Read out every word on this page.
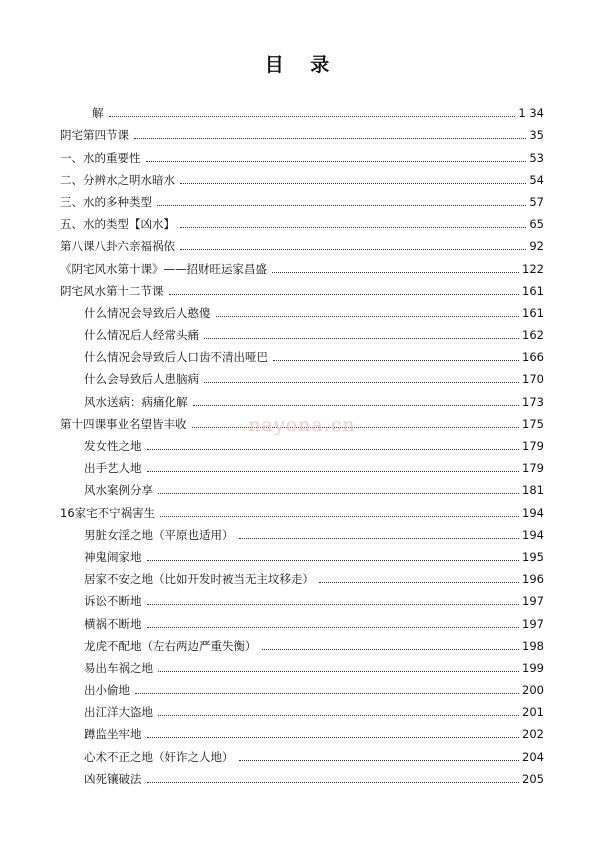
目 录
解	1 34
阴宅第四节课	35
一、水的重要性	53
二、分辨水之明水暗水	54
三、水的多种类型	57
五、水的类型【凶水】	65
第八课八卦六亲福祸依	92
《阴宅风水第十课》——招财旺运家昌盛	122
阴宅风水第十二节课	161
什么情况会导致后人憨傻	161
什么情况后人经常头痛	162
什么情况会导致后人口齿不清出哑巴	166
什么会导致后人患脑病	170
风水送病：病痛化解	173
第十四课事业名望皆丰收	175
发女性之地	179
出手艺人地	179
风水案例分享	181
16家宅不宁祸害生	194
男脏女淫之地（平原也适用）	194
神鬼闹家地	195
居家不安之地（比如开发时被当无主坟移走）	196
诉讼不断地	197
横祸不断地	197
龙虎不配地（左右两边严重失衡）	198
易出车祸之地	199
出小偷地	200
出江洋大盗地	201
蹲监坐牢地	202
心术不正之地（奸诈之人地）	204
凶死镶破法	205
nayona.cn
